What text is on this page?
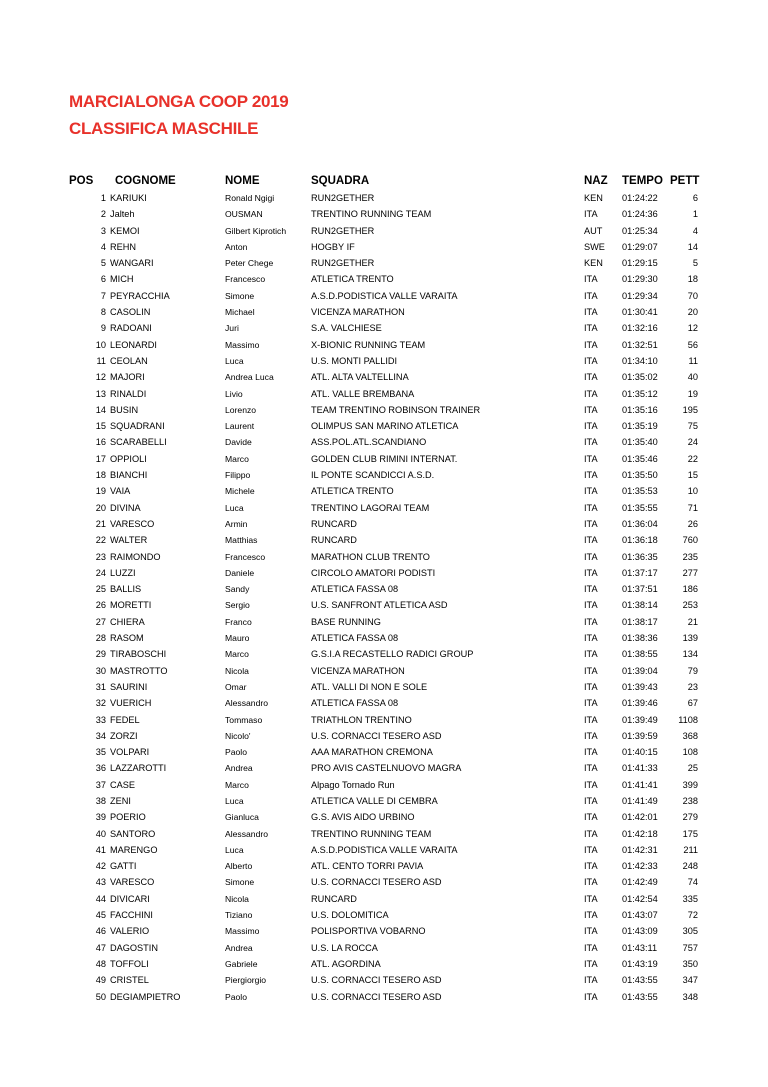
MARCIALONGA COOP 2019
CLASSIFICA MASCHILE
POS COGNOME	NOME	SQUADRA	NAZ TEMPO PETT
1 KARIUKI	Ronald Ngigi	RUN2GETHER	KEN	01:24:22	6
2 Jalteh	OUSMAN	TRENTINO RUNNING TEAM	ITA	01:24:36	1
3 KEMOI	Gilbert Kiprotich	RUN2GETHER	AUT	01:25:34	4
4 REHN	Anton	HOGBY IF	SWE	01:29:07	14
5 WANGARI	Peter Chege	RUN2GETHER	KEN	01:29:15	5
6 MICH	Francesco	ATLETICA TRENTO	ITA	01:29:30	18
7 PEYRACCHIA	Simone	A.S.D.PODISTICA VALLE VARAITA	ITA	01:29:34	70
8 CASOLIN	Michael	VICENZA MARATHON	ITA	01:30:41	20
9 RADOANI	Juri	S.A. VALCHIESE	ITA	01:32:16	12
10 LEONARDI	Massimo	X-BIONIC RUNNING TEAM	ITA	01:32:51	56
11 CEOLAN	Luca	U.S. MONTI PALLIDI	ITA	01:34:10	11
12 MAJORI	Andrea Luca	ATL. ALTA VALTELLINA	ITA	01:35:02	40
13 RINALDI	Livio	ATL. VALLE BREMBANA	ITA	01:35:12	19
14 BUSIN	Lorenzo	TEAM TRENTINO ROBINSON TRAINER	ITA	01:35:16	195
15 SQUADRANI	Laurent	OLIMPUS SAN MARINO ATLETICA	ITA	01:35:19	75
16 SCARABELLI	Davide	ASS.POL.ATL.SCANDIANO	ITA	01:35:40	24
17 OPPIOLI	Marco	GOLDEN CLUB RIMINI INTERNAT.	ITA	01:35:46	22
18 BIANCHI	Filippo	IL PONTE SCANDICCI A.S.D.	ITA	01:35:50	15
19 VAIA	Michele	ATLETICA TRENTO	ITA	01:35:53	10
20 DIVINA	Luca	TRENTINO LAGORAI TEAM	ITA	01:35:55	71
21 VARESCO	Armin	RUNCARD	ITA	01:36:04	26
22 WALTER	Matthias	RUNCARD	ITA	01:36:18	760
23 RAIMONDO	Francesco	MARATHON CLUB TRENTO	ITA	01:36:35	235
24 LUZZI	Daniele	CIRCOLO AMATORI PODISTI	ITA	01:37:17	277
25 BALLIS	Sandy	ATLETICA FASSA 08	ITA	01:37:51	186
26 MORETTI	Sergio	U.S. SANFRONT ATLETICA ASD	ITA	01:38:14	253
27 CHIERA	Franco	BASE RUNNING	ITA	01:38:17	21
28 RASOM	Mauro	ATLETICA FASSA 08	ITA	01:38:36	139
29 TIRABOSCHI	Marco	G.S.I.A RECASTELLO RADICI GROUP	ITA	01:38:55	134
30 MASTROTTO	Nicola	VICENZA MARATHON	ITA	01:39:04	79
31 SAURINI	Omar	ATL. VALLI DI NON E SOLE	ITA	01:39:43	23
32 VUERICH	Alessandro	ATLETICA FASSA 08	ITA	01:39:46	67
33 FEDEL	Tommaso	TRIATHLON TRENTINO	ITA	01:39:49	1108
34 ZORZI	Nicolo'	U.S. CORNACCI TESERO ASD	ITA	01:39:59	368
35 VOLPARI	Paolo	AAA MARATHON CREMONA	ITA	01:40:15	108
36 LAZZAROTTI	Andrea	PRO AVIS CASTELNUOVO MAGRA	ITA	01:41:33	25
37 CASE	Marco	Alpago Tornado Run	ITA	01:41:41	399
38 ZENI	Luca	ATLETICA VALLE DI CEMBRA	ITA	01:41:49	238
39 POERIO	Gianluca	G.S. AVIS AIDO URBINO	ITA	01:42:01	279
40 SANTORO	Alessandro	TRENTINO RUNNING TEAM	ITA	01:42:18	175
41 MARENGO	Luca	A.S.D.PODISTICA VALLE VARAITA	ITA	01:42:31	211
42 GATTI	Alberto	ATL. CENTO TORRI PAVIA	ITA	01:42:33	248
43 VARESCO	Simone	U.S. CORNACCI TESERO ASD	ITA	01:42:49	74
44 DIVICARI	Nicola	RUNCARD	ITA	01:42:54	335
45 FACCHINI	Tiziano	U.S. DOLOMITICA	ITA	01:43:07	72
46 VALERIO	Massimo	POLISPORTIVA VOBARNO	ITA	01:43:09	305
47 DAGOSTIN	Andrea	U.S. LA ROCCA	ITA	01:43:11	757
48 TOFFOLI	Gabriele	ATL. AGORDINA	ITA	01:43:19	350
49 CRISTEL	Piergiorgio	U.S. CORNACCI TESERO ASD	ITA	01:43:55	347
50 DEGIAMPIETRO	Paolo	U.S. CORNACCI TESERO ASD	ITA	01:43:55	348
